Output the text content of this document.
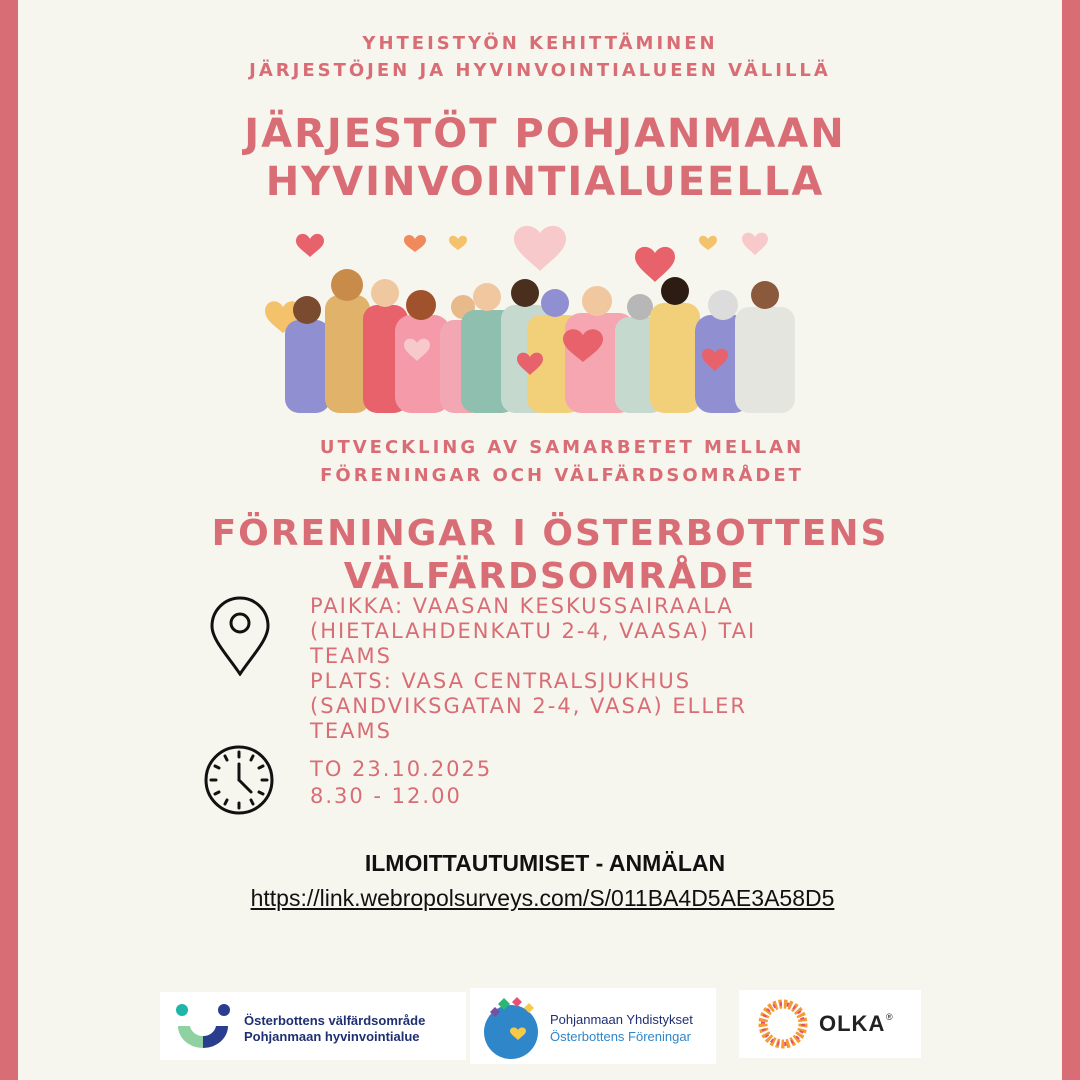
YHTEISTYÖN KEHITTÄMINEN
JÄRJESTÖJEN JA HYVINVOINTIALUEEN VÄLILLÄ
JÄRJESTÖT POHJANMAAN
HYVINVOINTIALUEELLA
UTVECKLING AV SAMARBETET MELLAN
FÖRENINGAR OCH VÄLFÄRDSOMRÅDET
FÖRENINGAR I ÖSTERBOTTENS
VÄLFÄRDSOMRÅDE
PAIKKA: VAASAN KESKUSSAIRAALA
(HIETALAHDENKATU 2-4, VAASA) TAI
TEAMS
PLATS: VASA CENTRALSJUKHUS
(SANDVIKSGATAN 2-4, VASA) ELLER
TEAMS
TO 23.10.2025
8.30 - 12.00
ILMOITTAUTUMISET - ANMÄLAN
https://link.webropolsurveys.com/S/011BA4D5AE3A58D5
Österbottens välfärdsområde
Pohjanmaan hyvinvointialue
Pohjanmaan Yhdistykset
Österbottens Föreningar
OLKA ®
